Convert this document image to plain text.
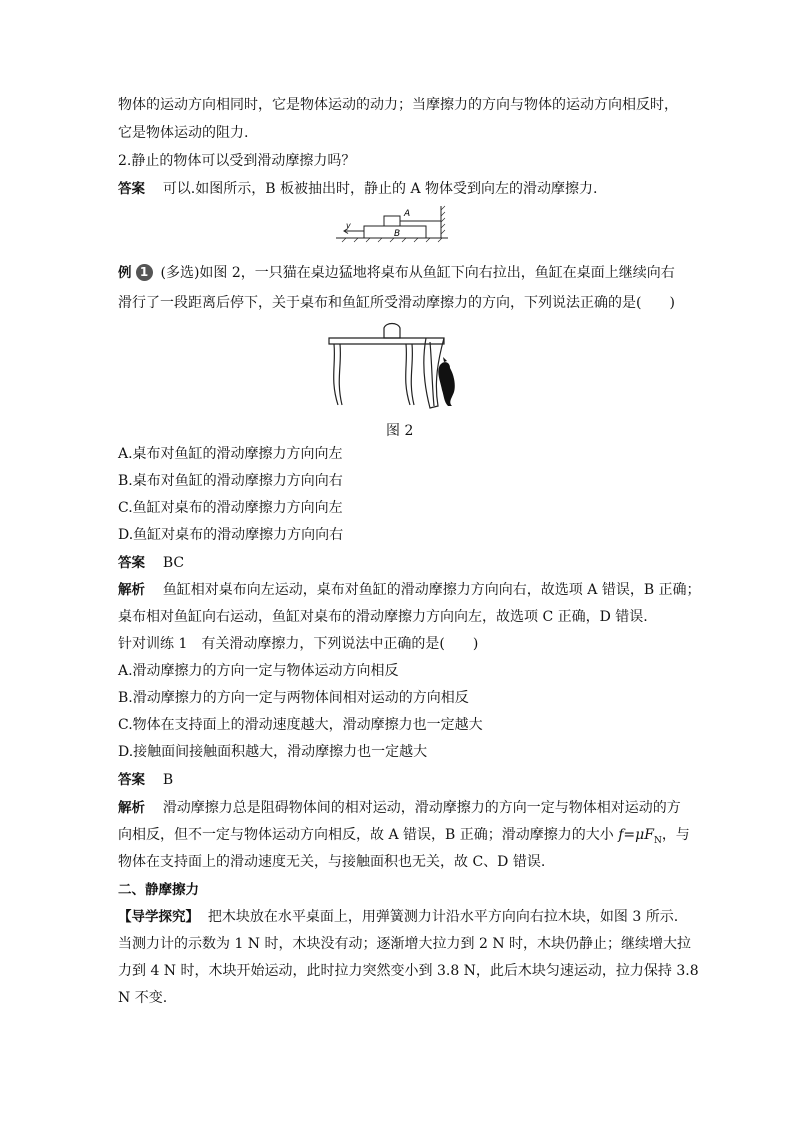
物体的运动方向相同时，它是物体运动的动力；当摩擦力的方向与物体的运动方向相反时，
它是物体运动的阻力.
2.静止的物体可以受到滑动摩擦力吗？
答案 可以.如图所示，B 板被抽出时，静止的 A 物体受到向左的滑动摩擦力.
A
B
v
例 1 (多选)如图 2，一只猫在桌边猛地将桌布从鱼缸下向右拉出，鱼缸在桌面上继续向右
滑行了一段距离后停下，关于桌布和鱼缸所受滑动摩擦力的方向，下列说法正确的是(　　)
图 2
A.桌布对鱼缸的滑动摩擦力方向向左
B.桌布对鱼缸的滑动摩擦力方向向右
C.鱼缸对桌布的滑动摩擦力方向向左
D.鱼缸对桌布的滑动摩擦力方向向右
答案 BC
解析 鱼缸相对桌布向左运动，桌布对鱼缸的滑动摩擦力方向向右，故选项 A 错误，B 正确；
桌布相对鱼缸向右运动，鱼缸对桌布的滑动摩擦力方向向左，故选项 C 正确，D 错误.
针对训练 1　有关滑动摩擦力，下列说法中正确的是(　　)
A.滑动摩擦力的方向一定与物体运动方向相反
B.滑动摩擦力的方向一定与两物体间相对运动的方向相反
C.物体在支持面上的滑动速度越大，滑动摩擦力也一定越大
D.接触面间接触面积越大，滑动摩擦力也一定越大
答案 B
解析 滑动摩擦力总是阻碍物体间的相对运动，滑动摩擦力的方向一定与物体相对运动的方
向相反，但不一定与物体运动方向相反，故 A 错误，B 正确；滑动摩擦力的大小 $f=\mu F_N$，与
物体在支持面上的滑动速度无关，与接触面积也无关，故 C、D 错误.
二、静摩擦力
【导学探究】 把木块放在水平桌面上，用弹簧测力计沿水平方向向右拉木块，如图 3 所示.
当测力计的示数为 1 N 时，木块没有动；逐渐增大拉力到 2 N 时，木块仍静止；继续增大拉
力到 4 N 时，木块开始运动，此时拉力突然变小到 3.8 N，此后木块匀速运动，拉力保持 3.8
N 不变.
